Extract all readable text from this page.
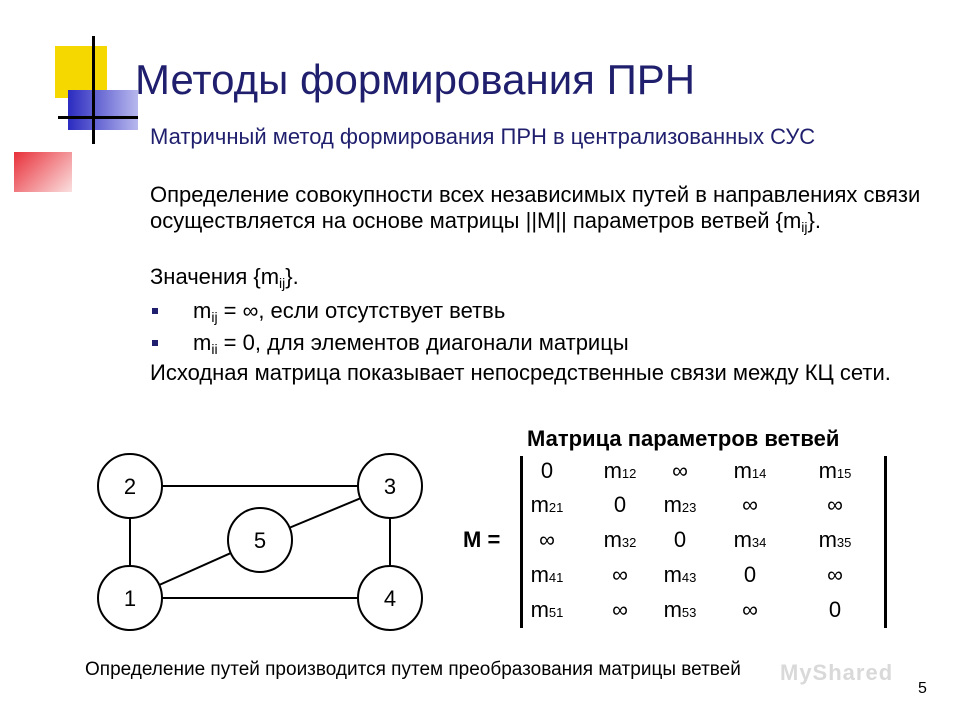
Методы формирования ПРН
Матричный метод формирования ПРН в централизованных СУС
Определение совокупности всех независимых путей в направлениях связи осуществляется на основе матрицы ||M|| параметров ветвей $\{m_{ij}\}$.
Значения $\{m_{ij}\}$.
$m_{ij}$ = ∞, если отсутствует ветвь
$m_{ii} = 0$, для элементов диагонали матрицы
Исходная матрица показывает непосредственные связи между КЦ сети.
2	3
5
1	4
Матрица параметров ветвей
M =
0	m12	∞	m14	m15
m21	0	m23	∞	∞
∞	m32	0	m34	m35
m41	∞	m43	0	∞
m51	∞	m53	∞	0
Определение путей производится путем преобразования матрицы ветвей MyShared
5
